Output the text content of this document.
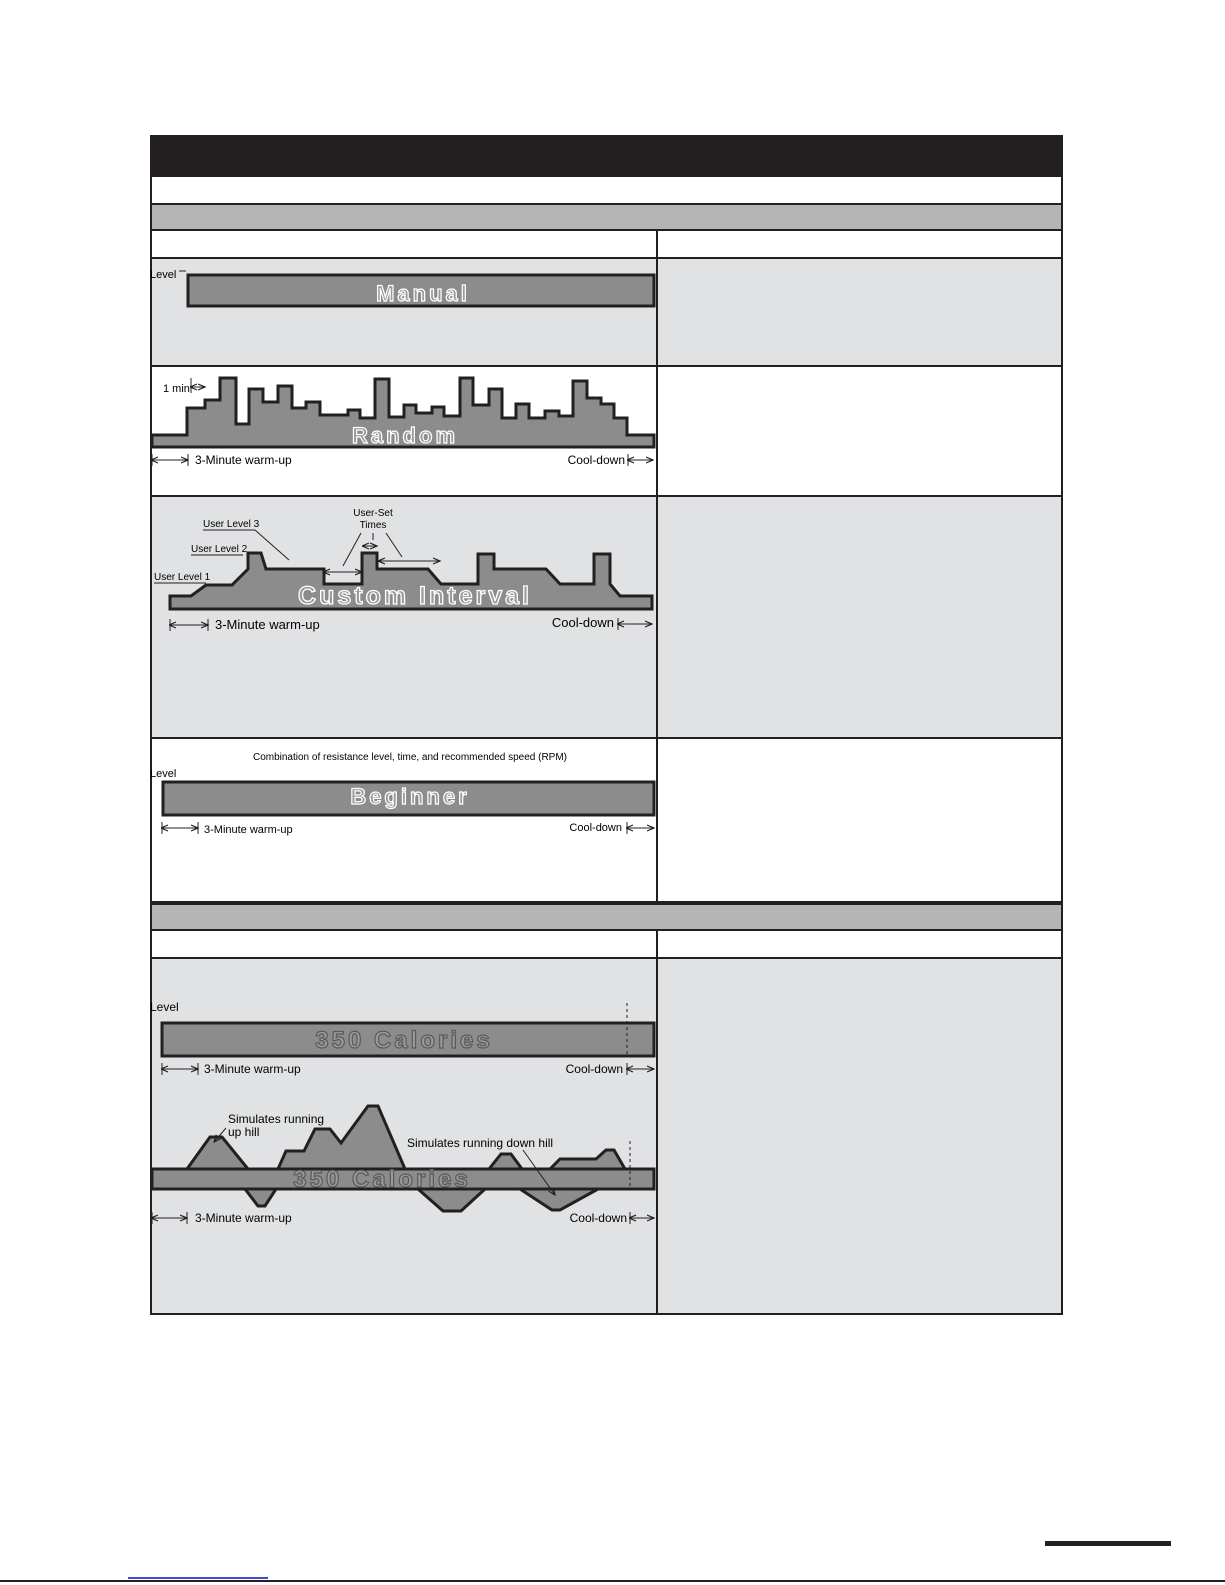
Level
Manual
Random
1 min
3-Minute warm-up	Cool-down
Custom Interval
User Level 3
User Level 2
User Level 1
User-Set
Times
3-Minute warm-up	Cool-down
Combination of resistance level, time, and recommended speed (RPM)
Level
Beginner
3-Minute warm-up	Cool-down
Level
350 Calories
3-Minute warm-up	Cool-down
350 Calories
Simulates running
up hill
Simulates running down hill
3-Minute warm-up	Cool-down
